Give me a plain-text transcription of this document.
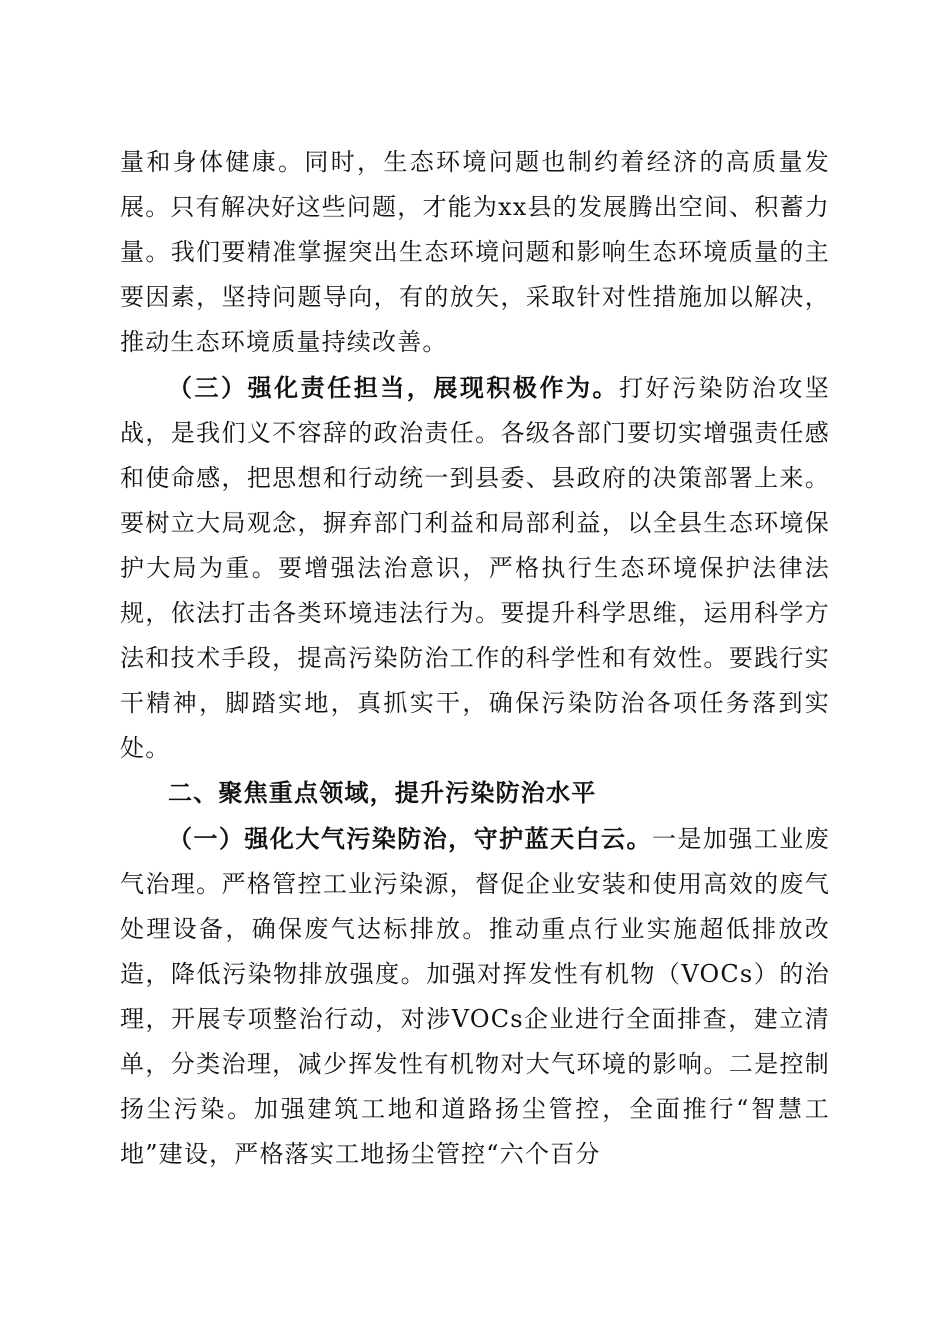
量和身体健康。同时，生态环境问题也制约着经济的高质量发展。只有解决好这些问题，才能为xx县的发展腾出空间、积蓄力量。我们要精准掌握突出生态环境问题和影响生态环境质量的主要因素，坚持问题导向，有的放矢，采取针对性措施加以解决，推动生态环境质量持续改善。

（三）强化责任担当，展现积极作为。打好污染防治攻坚战，是我们义不容辞的政治责任。各级各部门要切实增强责任感和使命感，把思想和行动统一到县委、县政府的决策部署上来。要树立大局观念，摒弃部门利益和局部利益，以全县生态环境保护大局为重。要增强法治意识，严格执行生态环境保护法律法规，依法打击各类环境违法行为。要提升科学思维，运用科学方法和技术手段，提高污染防治工作的科学性和有效性。要践行实干精神，脚踏实地，真抓实干，确保污染防治各项任务落到实处。

二、聚焦重点领域，提升污染防治水平

（一）强化大气污染防治，守护蓝天白云。一是加强工业废气治理。严格管控工业污染源，督促企业安装和使用高效的废气处理设备，确保废气达标排放。推动重点行业实施超低排放改造，降低污染物排放强度。加强对挥发性有机物（VOCs）的治理，开展专项整治行动，对涉VOCs企业进行全面排查，建立清单，分类治理，减少挥发性有机物对大气环境的影响。二是控制扬尘污染。加强建筑工地和道路扬尘管控，全面推行“智慧工地”建设，严格落实工地扬尘管控“六个百分
